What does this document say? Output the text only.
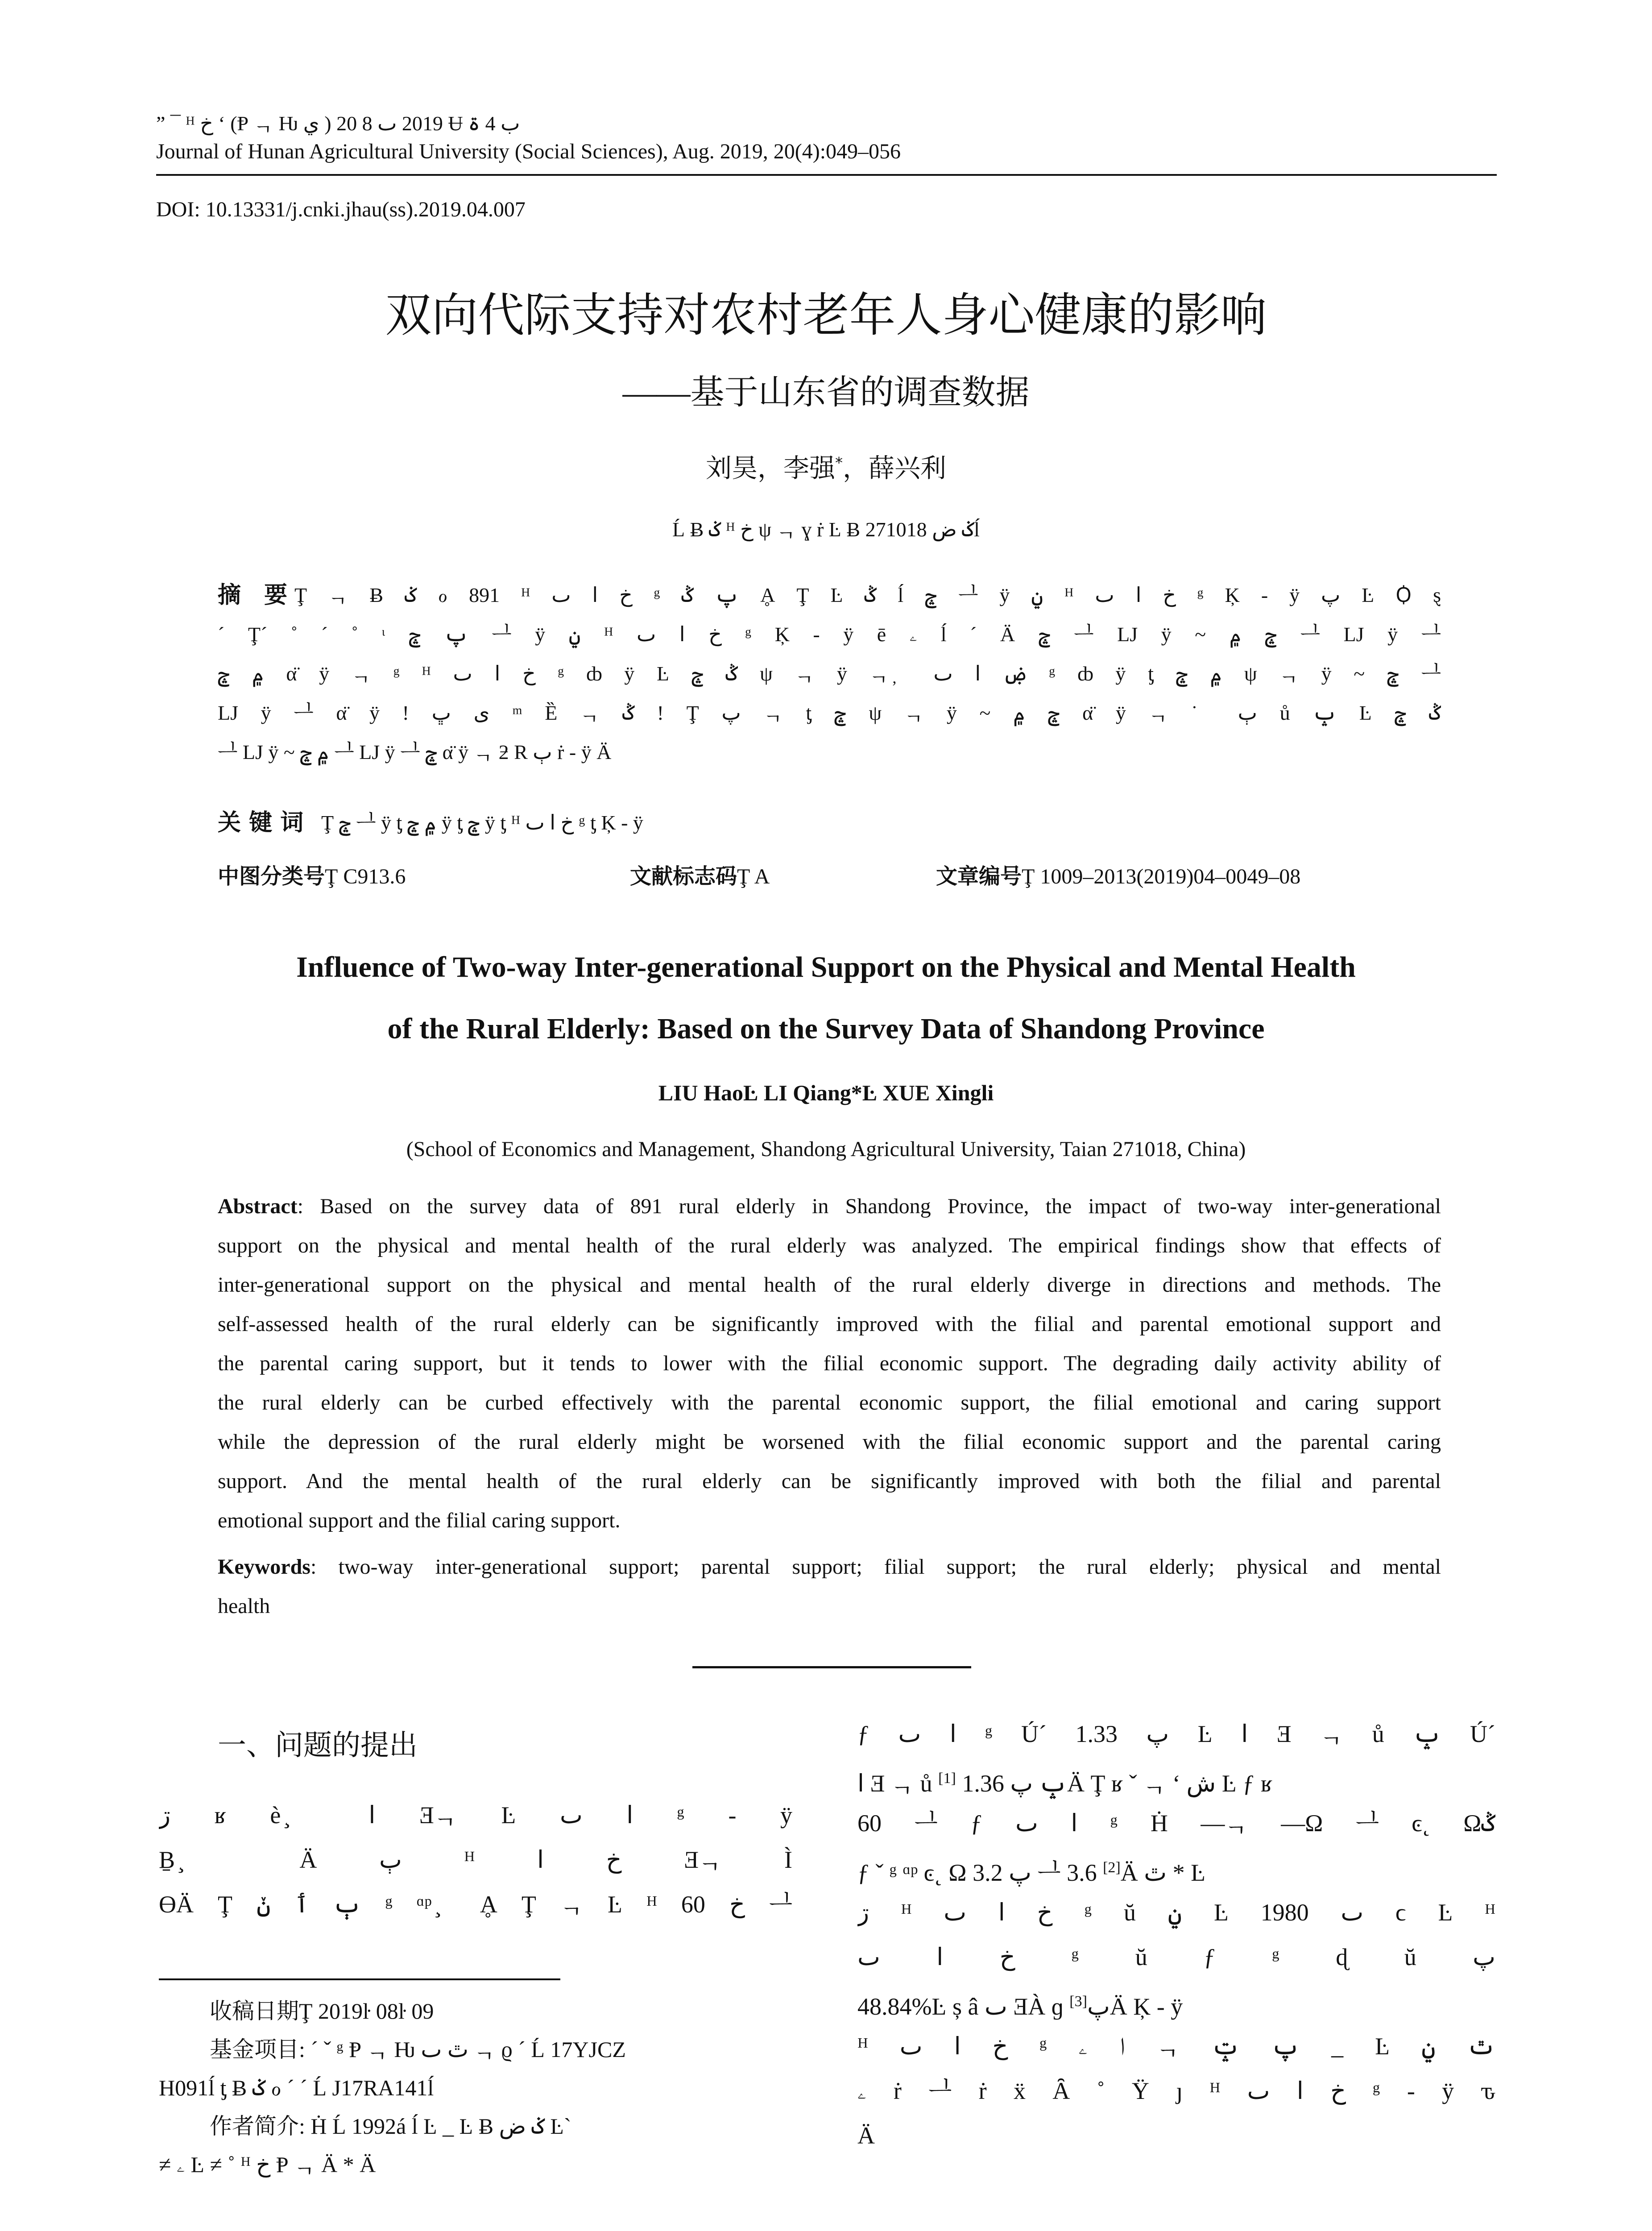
” ¯ ᴴ خ ‘ (Ᵽ ᆨ Ƕ ي ) 2019 ٮ 8 20 Ʉ ب 4 ۃ
Journal of Hunan Agricultural University (Social Sciences), Aug. 2019, 20(4):049–056
DOI: 10.13331/j.cnki.jhau(ss).2019.04.007
双向代际支持对农村老年人身心健康的影响
——基于山东省的调查数据
刘昊，李强*，薛兴利
Ĺ Ƀ ݢ ᴴ خ ψ ᆨ ɣ ṙ Ŀ Ƀ ݢ ض 271018ĺ
摘　要 Ţ ᆨ Ƀ ݢ ℴ 891 ᴴ خ ا ٮ ᵍ پ ݣ Ḁ Ţ Ŀ ݣ ĺ ݘ ᆜ ÿ ݧ ᴴ خ ا ٮ ᵍ Ķ - ÿ پ Ŀ Ꟁ ȿ
´ Ţ´ ˚ ´ ˚ ᶥ پ ݘ ᆜ ÿ ݧ ᴴ خ ا ٮ ᵍ Ķ - ÿ ē ۦ ĺ ´ Ä ݘ ᆜ LJ ÿ ~ ݘ ۾ ᆜ LJ ÿ ᆜ
۾ ݘ α̈ ÿ ᆨ ᵍ ᴴ خ ا ٮ ᵍ ȸ ÿ Ŀ ݣ ݘ ψ ᆨ ÿ ᆨ ̦ ۻ ا ٮ ᵍ ȸ ÿ ƫ ۾ ݘ ψ ᆨ ÿ ~ ݘ ᆜ
LJ ÿ ᆜ α̈ ÿ ! ى ڀ ᵐ Ȅ ᆨ ݣ ! Ţ پ ᆨ ƫ ݘ ψ ᆨ ÿ ~ ݘ ۾ α̈ ÿ ᆨ ˙ ٻ ů ݒ Ŀ ݣ ݘ
ᆜ LJ ÿ ~ ۾ ݘ ᆜ LJ ÿ ᆜ ݘ α̈ ÿ ᆨ ƻ R ٻ ṙ - ÿ Ä
关 键 词 Ţ ݘ ᆜ ÿ ƫ ۾ ݘ ÿ ƫ ݘ ÿ ƫ ᴴ خ ا ٮ ᵍ ƫ Ķ - ÿ
中图分类号Ţ C913.6	文献标志码Ţ A	文章编号Ţ 1009–2013(2019)04–0049–08
Influence of Two-way Inter-generational Support on the Physical and Mental Health
of the Rural Elderly: Based on the Survey Data of Shandong Province
LIU HaoĿ LI Qiang*Ŀ XUE Xingli
(School of Economics and Management, Shandong Agricultural University, Taian 271018, China)
Abstract: Based on the survey data of 891 rural elderly in Shandong Province, the impact of two-way inter-generational
support on the physical and mental health of the rural elderly was analyzed. The empirical findings show that effects of
inter-generational support on the physical and mental health of the rural elderly diverge in directions and methods. The
self-assessed health of the rural elderly can be significantly improved with the filial and parental emotional support and
the parental caring support, but it tends to lower with the filial economic support. The degrading daily activity ability of
the rural elderly can be curbed effectively with the parental economic support, the filial emotional and caring support
while the depression of the rural elderly might be worsened with the filial economic support and the parental caring
support. And the mental health of the rural elderly can be significantly improved with both the filial and parental
emotional support and the filial caring support.
Keywords: two-way inter-generational support; parental support; filial support; the rural elderly; physical and mental
health
一、问题的提出
ڗ ʁ è ̧ ا Ǝᆨ Ŀ ا ٮ ᵍ - ÿ
Ḇ ̧ Ä ٻ ᴴ خ ا Ǝᆨ Ì
ƟÄ Ţ ٻ ٲ ݩ ᵍ ᵅᵖ ̧ Ḁ Ţ ᆨ Ŀ ᴴ خ 60 ᆜ
收稿日期Ţ 2019ŀ 08ŀ 09
基金项目: ´ ˇ ᵍ Ᵽ ᆨ Ƕ ٿ ٮ ᆨ ϱ ´ Ĺ 17YJCZ
H091ĺ ƫ Ƀ ݢ ℴ ´ ´ Ĺ J17RA141ĺ
作者简介: Ḣ Ĺ 1992á ĺ Ŀ _ Ŀ Ƀ ݢ ض Ŀ`
≠ ۦ Ŀ ≠ ˚ ᴴ خ Ᵽ ᆨ Ä * Ä
ƒ ا ٮ ᵍ Ú´ پ 1.33 Ŀ ا Ǝ ᆨ ů ݒ Ú´
ا Ǝ ᆨ ů ݒ پ 1.36 [1]	Ä Ţ ʁ ˇ ᆨ ‘ ش Ŀ ƒ ʁ
60 ᆜ ƒ ا ٮ ᵍ Ḣ —ᆨ —Ω ᆜ ͼ˛ Ωݣ
ƒ ˇ ᵍ ᵅᵖ ͼ˛ Ω پ 3.2 ᆜ 3.6 [2]Ä ٿ * Ŀ
ڗ ᴴ خ ا ٮ ᵍ ŭ ݧ Ŀ 1980 ٮ ϲ Ŀ ᴴ
خ ا ٮ ᵍ ŭ ƒ ᵍ ɖ ŭ پ
48.84%Ŀ ș â ٮ ƎÀ ɡ پ[3] Ä Ķ - ÿ
ᴴ خ ا ٮ ᵍ ا ۦ ᆨ پ ݓ _ Ŀ ٿ ݧ
ۦ ṙ ᆜ ṙ ẍ Ȃ ˚ Ÿ ȷ ᴴ خ ا ٮ ᵍ - ÿ ԏ
Ä
